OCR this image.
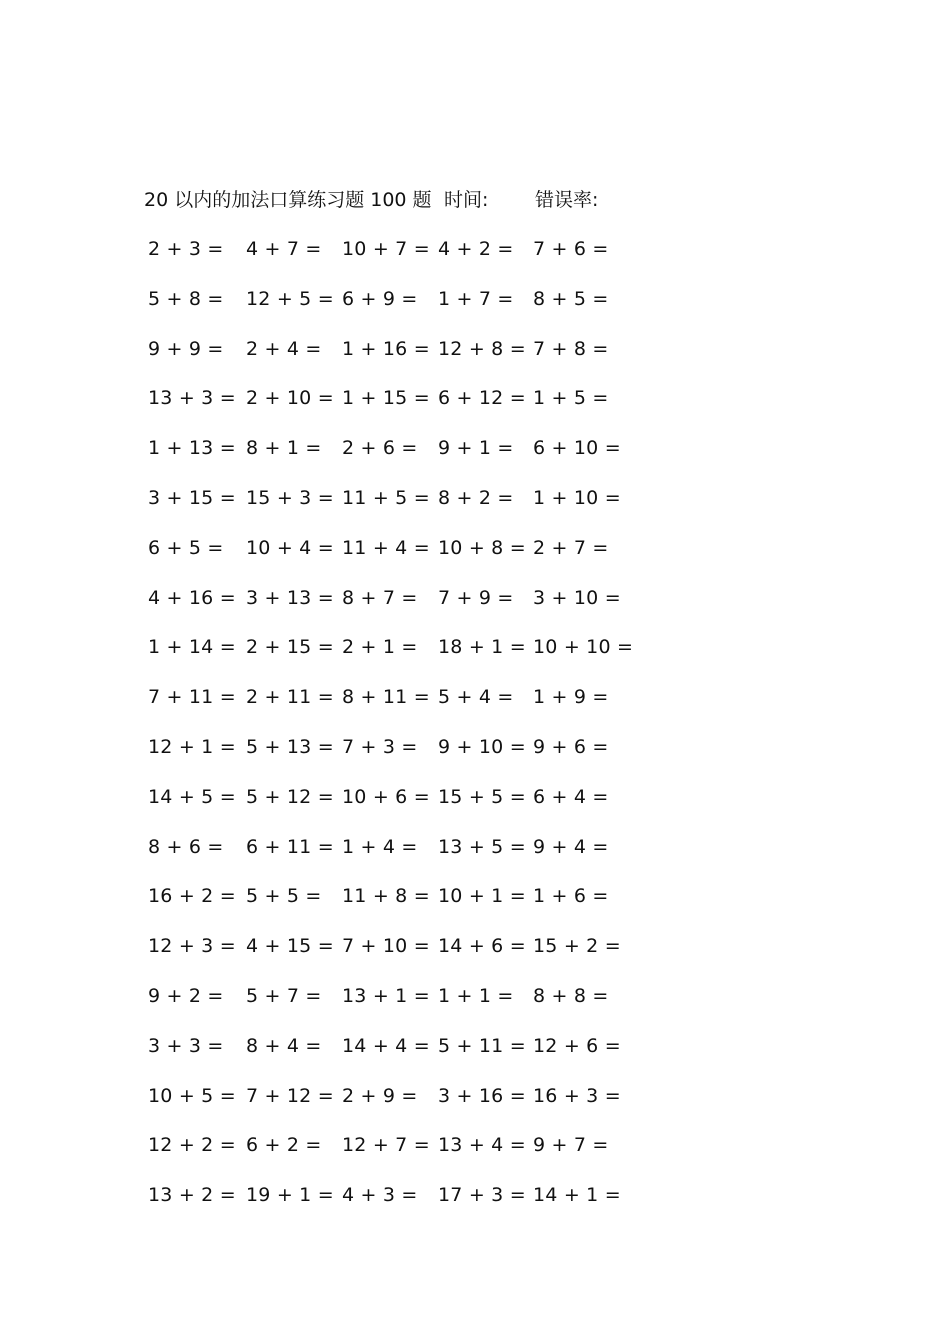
20 以内的加法口算练习题 100 题 时间: 错误率:
2 + 3 = 4 + 7 = 10 + 7 = 4 + 2 = 7 + 6 =
5 + 8 = 12 + 5 = 6 + 9 = 1 + 7 = 8 + 5 =
9 + 9 = 2 + 4 = 1 + 16 = 12 + 8 = 7 + 8 =
13 + 3 = 2 + 10 = 1 + 15 = 6 + 12 = 1 + 5 =
1 + 13 = 8 + 1 = 2 + 6 = 9 + 1 = 6 + 10 =
3 + 15 = 15 + 3 = 11 + 5 = 8 + 2 = 1 + 10 =
6 + 5 = 10 + 4 = 11 + 4 = 10 + 8 = 2 + 7 =
4 + 16 = 3 + 13 = 8 + 7 = 7 + 9 = 3 + 10 =
1 + 14 = 2 + 15 = 2 + 1 = 18 + 1 = 10 + 10 =
7 + 11 = 2 + 11 = 8 + 11 = 5 + 4 = 1 + 9 =
12 + 1 = 5 + 13 = 7 + 3 = 9 + 10 = 9 + 6 =
14 + 5 = 5 + 12 = 10 + 6 = 15 + 5 = 6 + 4 =
8 + 6 = 6 + 11 = 1 + 4 = 13 + 5 = 9 + 4 =
16 + 2 = 5 + 5 = 11 + 8 = 10 + 1 = 1 + 6 =
12 + 3 = 4 + 15 = 7 + 10 = 14 + 6 = 15 + 2 =
9 + 2 = 5 + 7 = 13 + 1 = 1 + 1 = 8 + 8 =
3 + 3 = 8 + 4 = 14 + 4 = 5 + 11 = 12 + 6 =
10 + 5 = 7 + 12 = 2 + 9 = 3 + 16 = 16 + 3 =
12 + 2 = 6 + 2 = 12 + 7 = 13 + 4 = 9 + 7 =
13 + 2 = 19 + 1 = 4 + 3 = 17 + 3 = 14 + 1 =
